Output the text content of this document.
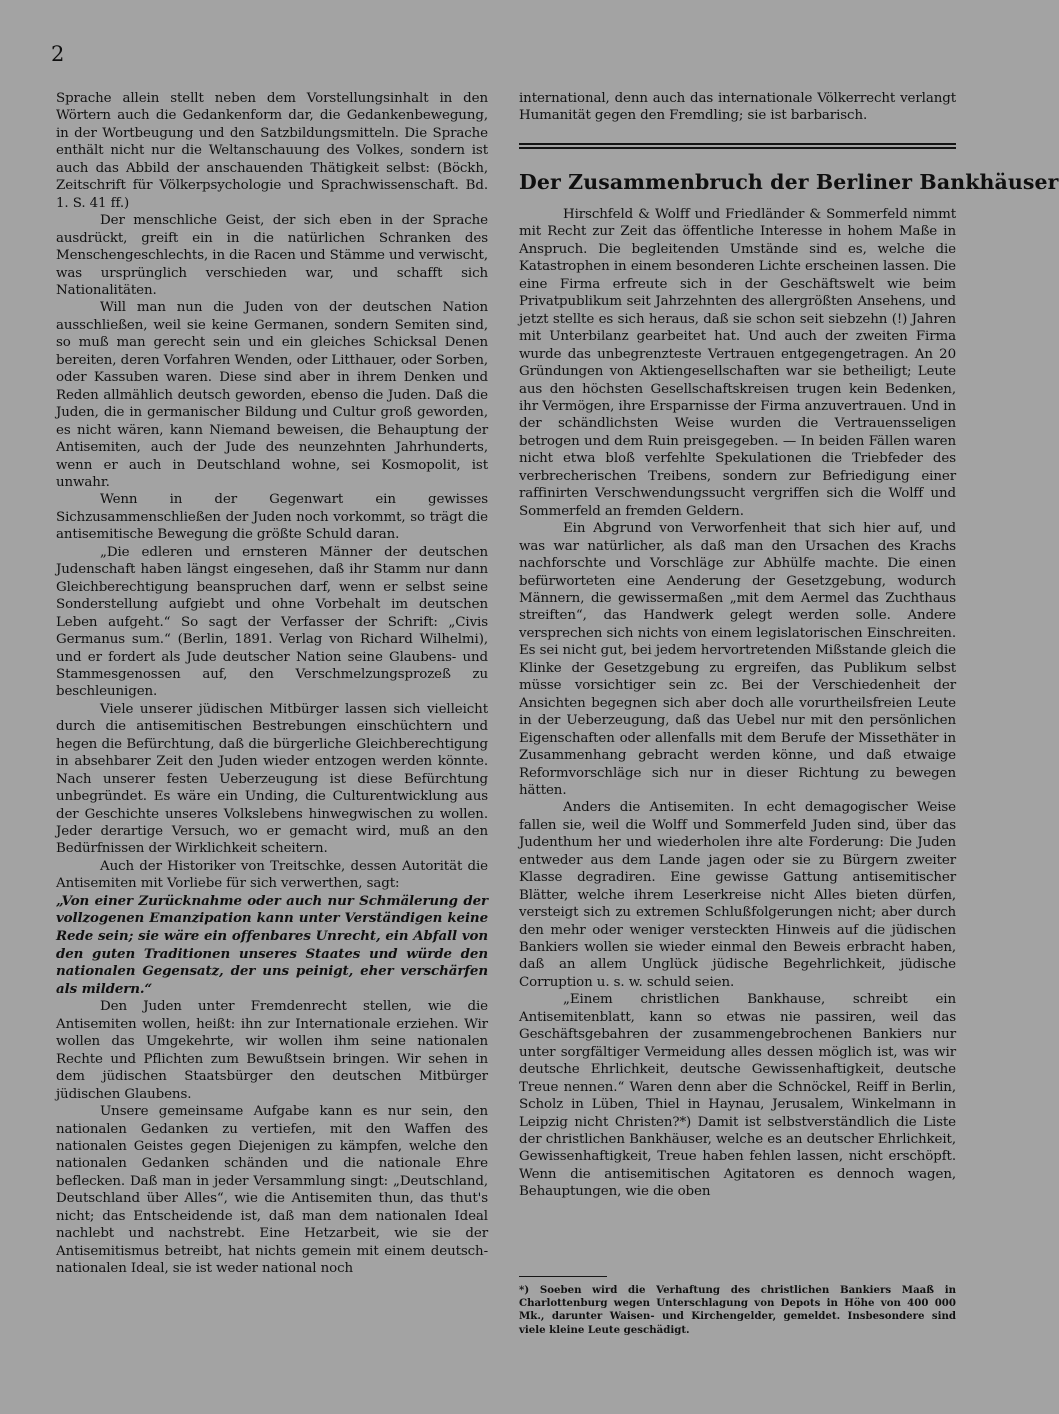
2

Sprache allein stellt neben dem Vorstellungsinhalt in den Wörtern auch die Gedankenform dar, die Gedankenbewegung, in der Wortbeugung und den Satzbildungsmitteln. Die Sprache enthält nicht nur die Weltanschauung des Volkes, sondern ist auch das Abbild der anschauenden Thätigkeit selbst: (Böckh, Zeitschrift für Völkerpsychologie und Sprachwissenschaft. Bd. 1. S. 41 ff.)

Der menschliche Geist, der sich eben in der Sprache ausdrückt, greift ein in die natürlichen Schranken des Menschengeschlechts, in die Racen und Stämme und verwischt, was ursprünglich verschieden war, und schafft sich Nationalitäten.

Will man nun die Juden von der deutschen Nation ausschließen, weil sie keine Germanen, sondern Semiten sind, so muß man gerecht sein und ein gleiches Schicksal Denen bereiten, deren Vorfahren Wenden, oder Litthauer, oder Sorben, oder Kassuben waren. Diese sind aber in ihrem Denken und Reden allmählich deutsch geworden, ebenso die Juden. Daß die Juden, die in germanischer Bildung und Cultur groß geworden, es nicht wären, kann Niemand beweisen, die Behauptung der Antisemiten, auch der Jude des neunzehnten Jahrhunderts, wenn er auch in Deutschland wohne, sei Kosmopolit, ist unwahr.

Wenn in der Gegenwart ein gewisses Sichzusammenschließen der Juden noch vorkommt, so trägt die antisemitische Bewegung die größte Schuld daran.

„Die edleren und ernsteren Männer der deutschen Judenschaft haben längst eingesehen, daß ihr Stamm nur dann Gleichberechtigung beanspruchen darf, wenn er selbst seine Sonderstellung aufgiebt und ohne Vorbehalt im deutschen Leben aufgeht.“ So sagt der Verfasser der Schrift: „Civis Germanus sum.“ (Berlin, 1891. Verlag von Richard Wilhelmi), und er fordert als Jude deutscher Nation seine Glaubens- und Stammesgenossen auf, den Verschmelzungsprozeß zu beschleunigen.

Viele unserer jüdischen Mitbürger lassen sich vielleicht durch die antisemitischen Bestrebungen einschüchtern und hegen die Befürchtung, daß die bürgerliche Gleichberechtigung in absehbarer Zeit den Juden wieder entzogen werden könnte. Nach unserer festen Ueberzeugung ist diese Befürchtung unbegründet. Es wäre ein Unding, die Culturentwicklung aus der Geschichte unseres Volkslebens hinwegwischen zu wollen. Jeder derartige Versuch, wo er gemacht wird, muß an den Bedürfnissen der Wirklichkeit scheitern.

Auch der Historiker von Treitschke, dessen Autorität die Antisemiten mit Vorliebe für sich verwerthen, sagt:

„Von einer Zurücknahme oder auch nur Schmälerung der vollzogenen Emanzipation kann unter Verständigen keine Rede sein; sie wäre ein offenbares Unrecht, ein Abfall von den guten Traditionen unseres Staates und würde den nationalen Gegensatz, der uns peinigt, eher verschärfen als mildern.“

Den Juden unter Fremdenrecht stellen, wie die Antisemiten wollen, heißt: ihn zur Internationale erziehen. Wir wollen das Umgekehrte, wir wollen ihm seine nationalen Rechte und Pflichten zum Bewußtsein bringen. Wir sehen in dem jüdischen Staatsbürger den deutschen Mitbürger jüdischen Glaubens.

Unsere gemeinsame Aufgabe kann es nur sein, den nationalen Gedanken zu vertiefen, mit den Waffen des nationalen Geistes gegen Diejenigen zu kämpfen, welche den nationalen Gedanken schänden und die nationale Ehre beflecken. Daß man in jeder Versammlung singt: „Deutschland, Deutschland über Alles“, wie die Antisemiten thun, das thut's nicht; das Entscheidende ist, daß man dem nationalen Ideal nachlebt und nachstrebt. Eine Hetzarbeit, wie sie der Antisemitismus betreibt, hat nichts gemein mit einem deutsch-nationalen Ideal, sie ist weder national noch

international, denn auch das internationale Völkerrecht verlangt Humanität gegen den Fremdling; sie ist barbarisch.

Der Zusammenbruch der Berliner Bankhäuser

Hirschfeld & Wolff und Friedländer & Sommerfeld nimmt mit Recht zur Zeit das öffentliche Interesse in hohem Maße in Anspruch. Die begleitenden Umstände sind es, welche die Katastrophen in einem besonderen Lichte erscheinen lassen. Die eine Firma erfreute sich in der Geschäftswelt wie beim Privatpublikum seit Jahrzehnten des allergrößten Ansehens, und jetzt stellte es sich heraus, daß sie schon seit siebzehn (!) Jahren mit Unterbilanz gearbeitet hat. Und auch der zweiten Firma wurde das unbegrenzteste Vertrauen entgegengetragen. An 20 Gründungen von Aktiengesellschaften war sie betheiligt; Leute aus den höchsten Gesellschaftskreisen trugen kein Bedenken, ihr Vermögen, ihre Ersparnisse der Firma anzuvertrauen. Und in der schändlichsten Weise wurden die Vertrauensseligen betrogen und dem Ruin preisgegeben. — In beiden Fällen waren nicht etwa bloß verfehlte Spekulationen die Triebfeder des verbrecherischen Treibens, sondern zur Befriedigung einer raffinirten Verschwendungssucht vergriffen sich die Wolff und Sommerfeld an fremden Geldern.

Ein Abgrund von Verworfenheit that sich hier auf, und was war natürlicher, als daß man den Ursachen des Krachs nachforschte und Vorschläge zur Abhülfe machte. Die einen befürworteten eine Aenderung der Gesetzgebung, wodurch Männern, die gewissermaßen „mit dem Aermel das Zuchthaus streiften“, das Handwerk gelegt werden solle. Andere versprechen sich nichts von einem legislatorischen Einschreiten. Es sei nicht gut, bei jedem hervortretenden Mißstande gleich die Klinke der Gesetzgebung zu ergreifen, das Publikum selbst müsse vorsichtiger sein zc. Bei der Verschiedenheit der Ansichten begegnen sich aber doch alle vorurtheilsfreien Leute in der Ueberzeugung, daß das Uebel nur mit den persönlichen Eigenschaften oder allenfalls mit dem Berufe der Missethäter in Zusammenhang gebracht werden könne, und daß etwaige Reformvorschläge sich nur in dieser Richtung zu bewegen hätten.

Anders die Antisemiten. In echt demagogischer Weise fallen sie, weil die Wolff und Sommerfeld Juden sind, über das Judenthum her und wiederholen ihre alte Forderung: Die Juden entweder aus dem Lande jagen oder sie zu Bürgern zweiter Klasse degradiren. Eine gewisse Gattung antisemitischer Blätter, welche ihrem Leserkreise nicht Alles bieten dürfen, versteigt sich zu extremen Schlußfolgerungen nicht; aber durch den mehr oder weniger versteckten Hinweis auf die jüdischen Bankiers wollen sie wieder einmal den Beweis erbracht haben, daß an allem Unglück jüdische Begehrlichkeit, jüdische Corruption u. s. w. schuld seien.

„Einem christlichen Bankhause, schreibt ein Antisemitenblatt, kann so etwas nie passiren, weil das Geschäftsgebahren der zusammengebrochenen Bankiers nur unter sorgfältiger Vermeidung alles dessen möglich ist, was wir deutsche Ehrlichkeit, deutsche Gewissenhaftigkeit, deutsche Treue nennen.“ Waren denn aber die Schnöckel, Reiff in Berlin, Scholz in Lüben, Thiel in Haynau, Jerusalem, Winkelmann in Leipzig nicht Christen?*) Damit ist selbstverständlich die Liste der christlichen Bankhäuser, welche es an deutscher Ehrlichkeit, Gewissenhaftigkeit, Treue haben fehlen lassen, nicht erschöpft. Wenn die antisemitischen Agitatoren es dennoch wagen, Behauptungen, wie die oben

*) Soeben wird die Verhaftung des christlichen Bankiers Maaß in Charlottenburg wegen Unterschlagung von Depots in Höhe von 400 000 Mk., darunter Waisen- und Kirchengelder, gemeldet. Insbesondere sind viele kleine Leute geschädigt.
